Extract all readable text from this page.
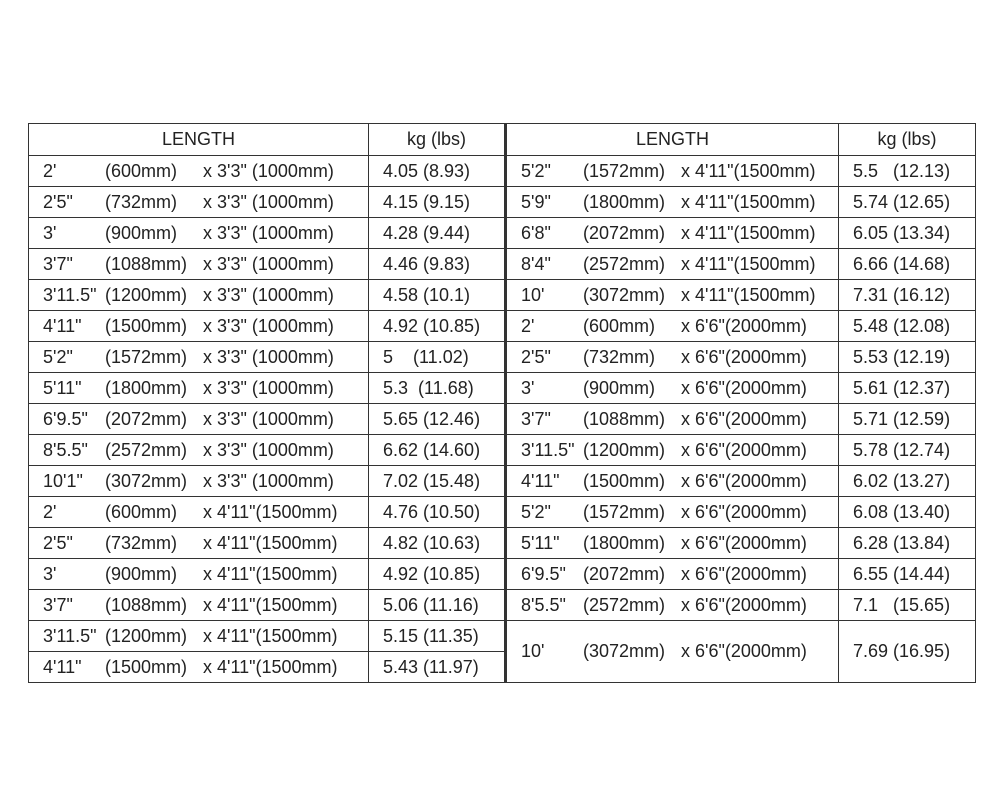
LENGTH	kg (lbs)	LENGTH	kg (lbs)

2' (600mm) x 3'3" (1000mm)	4.05 (8.93)	5'2" (1572mm) x 4'11"(1500mm)	5.5   (12.13)

2'5" (732mm) x 3'3" (1000mm)	4.15 (9.15)	5'9" (1800mm) x 4'11"(1500mm)	5.74 (12.65)

3' (900mm) x 3'3" (1000mm)	4.28 (9.44)	6'8" (2072mm) x 4'11"(1500mm)	6.05 (13.34)

3'7" (1088mm) x 3'3" (1000mm)	4.46 (9.83)	8'4" (2572mm) x 4'11"(1500mm)	6.66 (14.68)

3'11.5" (1200mm) x 3'3" (1000mm)	4.58 (10.1)	10' (3072mm) x 4'11"(1500mm)	7.31 (16.12)

4'11" (1500mm) x 3'3" (1000mm)	4.92 (10.85)	2' (600mm) x 6'6"(2000mm)	5.48 (12.08)

5'2" (1572mm) x 3'3" (1000mm)	5    (11.02)	2'5" (732mm) x 6'6"(2000mm)	5.53 (12.19)

5'11" (1800mm) x 3'3" (1000mm)	5.3  (11.68)	3' (900mm) x 6'6"(2000mm)	5.61 (12.37)

6'9.5" (2072mm) x 3'3" (1000mm)	5.65 (12.46)	3'7" (1088mm) x 6'6"(2000mm)	5.71 (12.59)

8'5.5" (2572mm) x 3'3" (1000mm)	6.62 (14.60)	3'11.5" (1200mm) x 6'6"(2000mm)	5.78 (12.74)

10'1" (3072mm) x 3'3" (1000mm)	7.02 (15.48)	4'11" (1500mm) x 6'6"(2000mm)	6.02 (13.27)

2' (600mm) x 4'11"(1500mm)	4.76 (10.50)	5'2" (1572mm) x 6'6"(2000mm)	6.08 (13.40)

2'5" (732mm) x 4'11"(1500mm)	4.82 (10.63)	5'11" (1800mm) x 6'6"(2000mm)	6.28 (13.84)

3' (900mm) x 4'11"(1500mm)	4.92 (10.85)	6'9.5" (2072mm) x 6'6"(2000mm)	6.55 (14.44)

3'7" (1088mm) x 4'11"(1500mm)	5.06 (11.16)	8'5.5" (2572mm) x 6'6"(2000mm)	7.1   (15.65)

3'11.5" (1200mm) x 4'11"(1500mm)	5.15 (11.35)	10' (3072mm) x 6'6"(2000mm)	7.69 (16.95)

4'11" (1500mm) x 4'11"(1500mm)	5.43 (11.97)		
